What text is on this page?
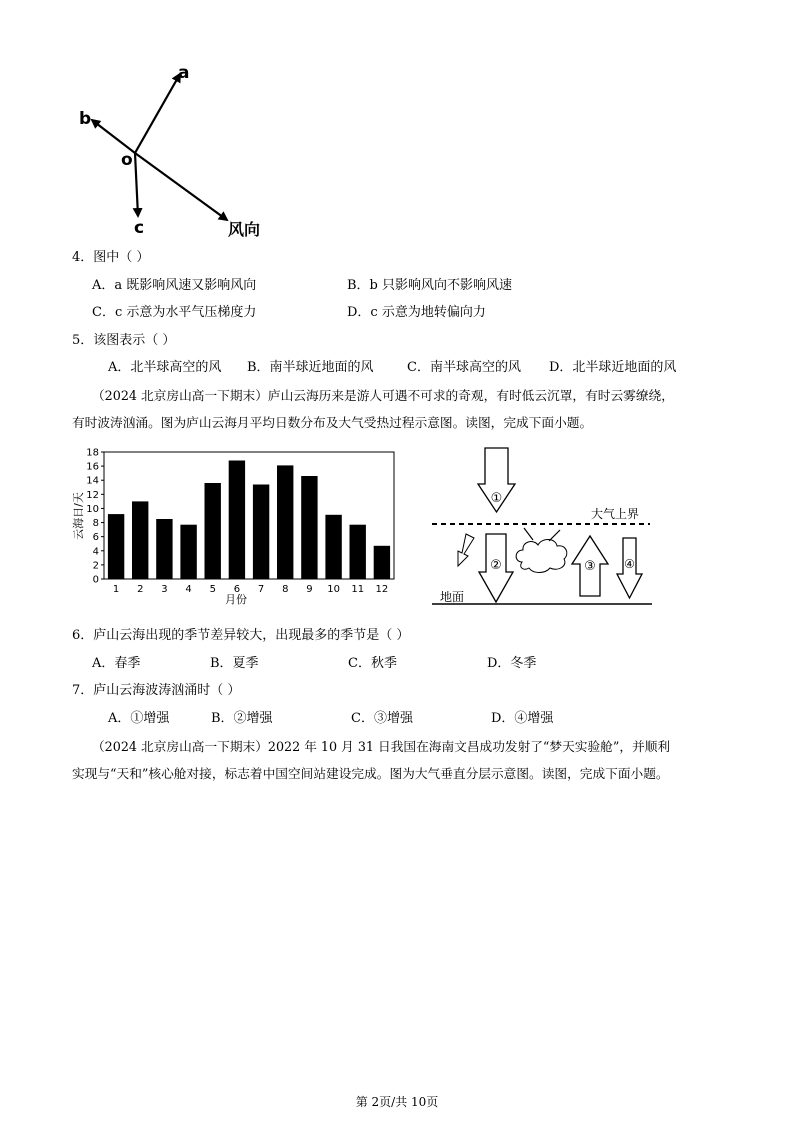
a
b
o
c	风向
4．图中（ ）
A．a 既影响风速又影响风向	B．b 只影响风向不影响风速
C．c 示意为水平气压梯度力	D．c 示意为地转偏向力
5．该图表示（ ）
A．北半球高空的风 B．南半球近地面的风	C．南半球高空的风 D．北半球近地面的风
（2024 北京房山高一下期末）庐山云海历来是游人可遇不可求的奇观，有时低云沉罩，有时云雾缭绕，
有时波涛汹涌。图为庐山云海月平均日数分布及大气受热过程示意图。读图，完成下面小题。
0
2
4
6
8
10
12
14
16
18
1 2 3 4 5 6 7 8 9 10 11 12
月份
云海日/天	①
大气上界
②	③ ④
地面
6．庐山云海出现的季节差异较大，出现最多的季节是（ ）
A．春季	B．夏季	C．秋季	D．冬季
7．庐山云海波涛汹涌时（ ）
A．①增强	B．②增强	C．③增强	D．④增强
（2024 北京房山高一下期末）2022 年 10 月 31 日我国在海南文昌成功发射了“梦天实验舱”，并顺利
实现与“天和”核心舱对接，标志着中国空间站建设完成。图为大气垂直分层示意图。读图，完成下面小题。
第 2页/共 10页
